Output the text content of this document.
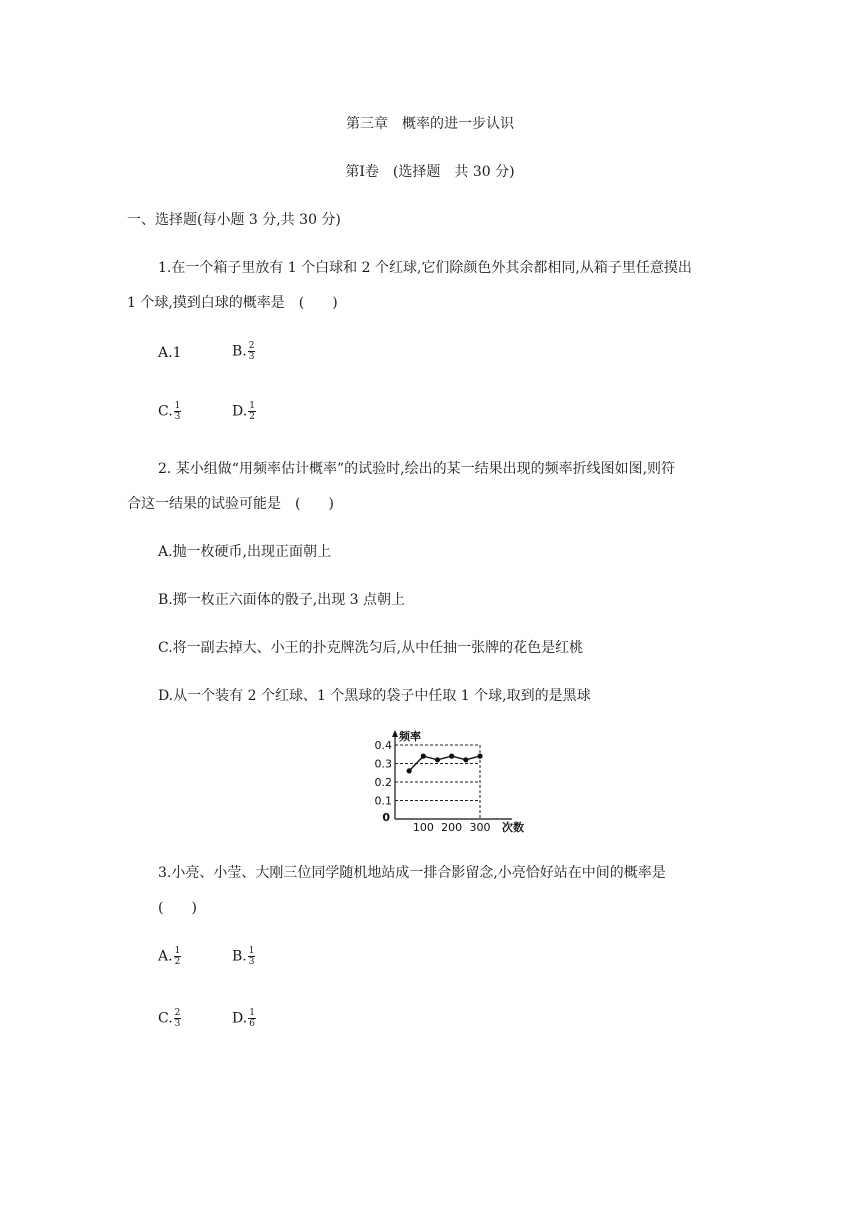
第三章　概率的进一步认识
第Ⅰ卷　(选择题　共 30 分)
一、选择题(每小题 3 分,共 30 分)
1.在一个箱子里放有 1 个白球和 2 个红球,它们除颜色外其余都相同,从箱子里任意摸出
1 个球,摸到白球的概率是　(　　)
A.1	B. $\frac{2}{3}$
C. $\frac{1}{3}$	D. $\frac{1}{2}$
2. 某小组做“用频率估计概率”的试验时,绘出的某一结果出现的频率折线图如图,则符
合这一结果的试验可能是　(　　)
A.抛一枚硬币,出现正面朝上
B.掷一枚正六面体的骰子,出现 3 点朝上
C.将一副去掉大、小王的扑克牌洗匀后,从中任抽一张牌的花色是红桃
D.从一个装有 2 个红球、1 个黑球的袋子中任取 1 个球,取到的是黑球
0.1
0.2
0.3
0.4
100 200 300
0
频率
次数
3.小亮、小莹、大刚三位同学随机地站成一排合影留念,小亮恰好站在中间的概率是
(　　)
A. $\frac{1}{2}$	B. $\frac{1}{3}$
C. $\frac{2}{3}$	D. $\frac{1}{6}$
